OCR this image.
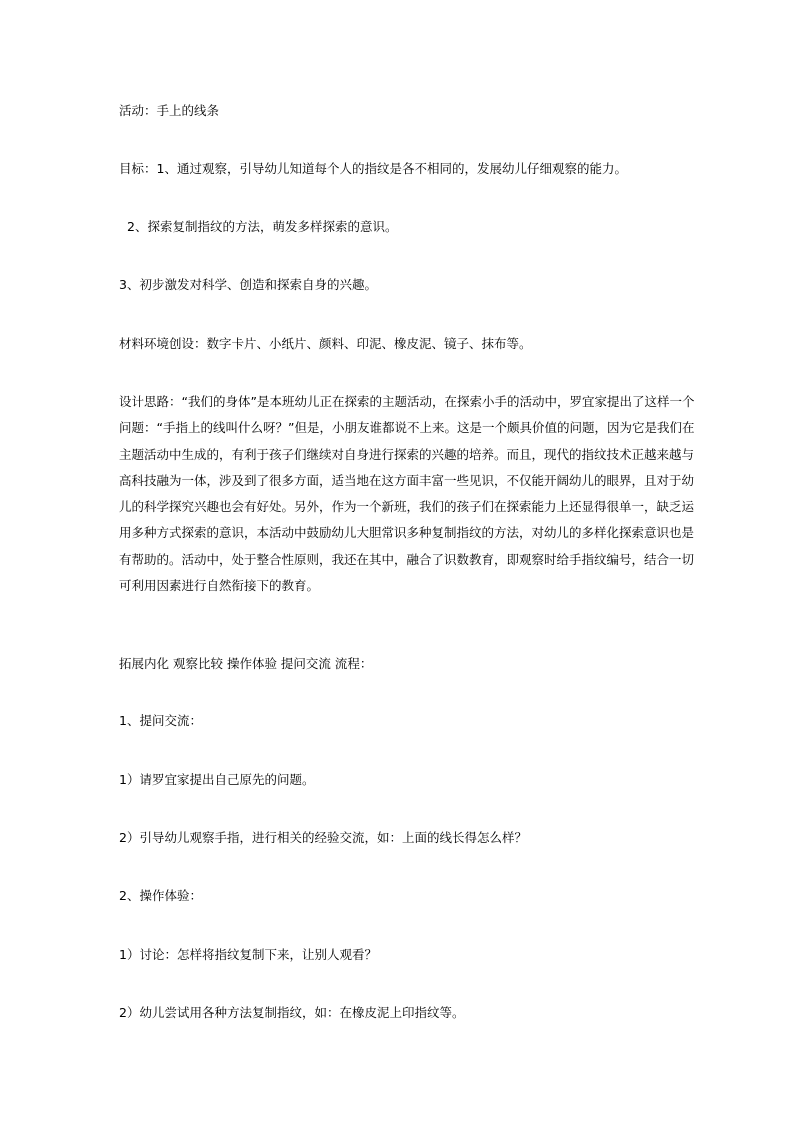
活动：手上的线条

目标：1、通过观察，引导幼儿知道每个人的指纹是各不相同的，发展幼儿仔细观察的能力。

2、探索复制指纹的方法，萌发多样探索的意识。

3、初步激发对科学、创造和探索自身的兴趣。

材料环境创设：数字卡片、小纸片、颜料、印泥、橡皮泥、镜子、抹布等。

设计思路：“我们的身体”是本班幼儿正在探索的主题活动，在探索小手的活动中，罗宜家提出了这样一个
问题：“手指上的线叫什么呀？”但是，小朋友谁都说不上来。这是一个颇具价值的问题，因为它是我们在
主题活动中生成的，有利于孩子们继续对自身进行探索的兴趣的培养。而且，现代的指纹技术正越来越与
高科技融为一体，涉及到了很多方面，适当地在这方面丰富一些见识，不仅能开阔幼儿的眼界，且对于幼
儿的科学探究兴趣也会有好处。另外，作为一个新班，我们的孩子们在探索能力上还显得很单一，缺乏运
用多种方式探索的意识，本活动中鼓励幼儿大胆常识多种复制指纹的方法，对幼儿的多样化探索意识也是
有帮助的。活动中，处于整合性原则，我还在其中，融合了识数教育，即观察时给手指纹编号，结合一切
可利用因素进行自然衔接下的教育。

拓展内化 观察比较 操作体验 提问交流 流程：

1、提问交流：

1）请罗宜家提出自己原先的问题。

2）引导幼儿观察手指，进行相关的经验交流，如：上面的线长得怎么样？

2、操作体验：

1）讨论：怎样将指纹复制下来，让别人观看？

2）幼儿尝试用各种方法复制指纹，如：在橡皮泥上印指纹等。
